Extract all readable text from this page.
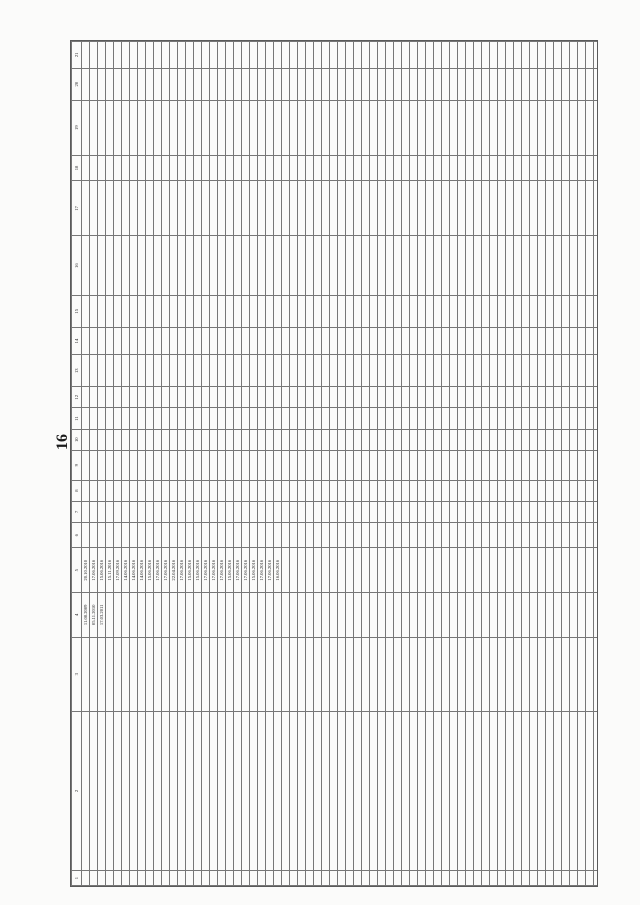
16
1	2	3	4	5	6	7	8	9	10	11	12	13	14	15	16	17	18	19	20	21
			11.08.2009	20.10.2010																
			05.11.2010	17.06.2016																
			17.03.2011	15.06.2016																
				15.11.2016																
				17.09.2016																
				14.06.2016																
				14.06.2016																
				14.06.2016																
				15.06.2016																
				17.06.2016																
				17.06.2016																
				22.04.2016																
				17.06.2016																
				15.06.2016																
				15.06.2016																
				17.06.2016																
				17.06.2016																
				17.06.2016																
				15.06.2016																
				17.06.2016																
				17.06.2016																
				15.06.2016																
				17.06.2016																
				17.06.2016																
				16.06.2016																
